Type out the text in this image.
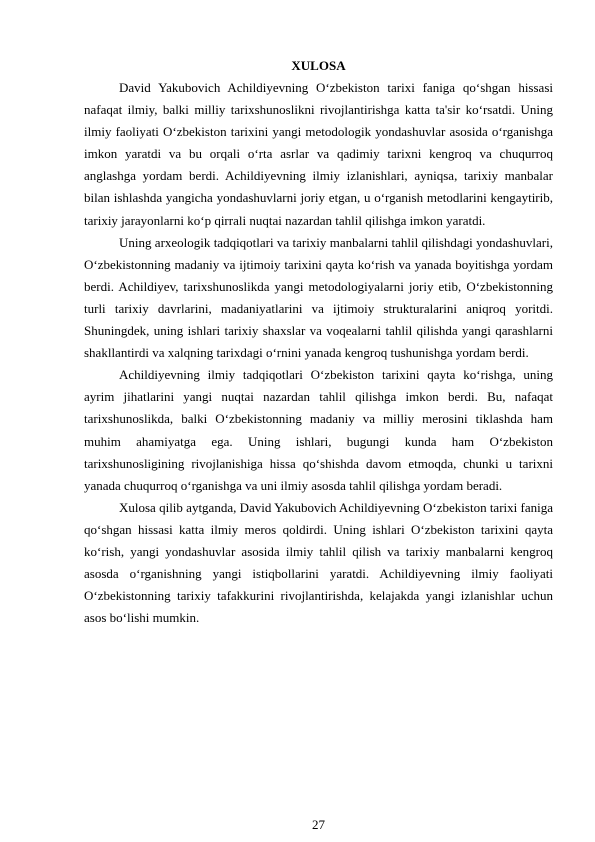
XULOSA

David Yakubovich Achildiyevning O‘zbekiston tarixi faniga qo‘shgan hissasi nafaqat ilmiy, balki milliy tarixshunoslikni rivojlantirishga katta ta'sir ko‘rsatdi. Uning ilmiy faoliyati O‘zbekiston tarixini yangi metodologik yondashuvlar asosida o‘rganishga imkon yaratdi va bu orqali o‘rta asrlar va qadimiy tarixni kengroq va chuqurroq anglashga yordam berdi. Achildiyevning ilmiy izlanishlari, ayniqsa, tarixiy manbalar bilan ishlashda yangicha yondashuvlarni joriy etgan, u o‘rganish metodlarini kengaytirib, tarixiy jarayonlarni ko‘p qirrali nuqtai nazardan tahlil qilishga imkon yaratdi.

Uning arxeologik tadqiqotlari va tarixiy manbalarni tahlil qilishdagi yondashuvlari, O‘zbekistonning madaniy va ijtimoiy tarixini qayta ko‘rish va yanada boyitishga yordam berdi. Achildiyev, tarixshunoslikda yangi metodologiyalarni joriy etib, O‘zbekistonning turli tarixiy davrlarini, madaniyatlarini va ijtimoiy strukturalarini aniqroq yoritdi. Shuningdek, uning ishlari tarixiy shaxslar va voqealarni tahlil qilishda yangi qarashlarni shakllantirdi va xalqning tarixdagi o‘rnini yanada kengroq tushunishga yordam berdi.

Achildiyevning ilmiy tadqiqotlari O‘zbekiston tarixini qayta ko‘rishga, uning ayrim jihatlarini yangi nuqtai nazardan tahlil qilishga imkon berdi. Bu, nafaqat tarixshunoslikda, balki O‘zbekistonning madaniy va milliy merosini tiklashda ham muhim ahamiyatga ega. Uning ishlari, bugungi kunda ham O‘zbekiston tarixshunosligining rivojlanishiga hissa qo‘shishda davom etmoqda, chunki u tarixni yanada chuqurroq o‘rganishga va uni ilmiy asosda tahlil qilishga yordam beradi.

Xulosa qilib aytganda, David Yakubovich Achildiyevning O‘zbekiston tarixi faniga qo‘shgan hissasi katta ilmiy meros qoldirdi. Uning ishlari O‘zbekiston tarixini qayta ko‘rish, yangi yondashuvlar asosida ilmiy tahlil qilish va tarixiy manbalarni kengroq asosda o‘rganishning yangi istiqbollarini yaratdi. Achildiyevning ilmiy faoliyati O‘zbekistonning tarixiy tafakkurini rivojlantirishda, kelajakda yangi izlanishlar uchun asos bo‘lishi mumkin.

27
